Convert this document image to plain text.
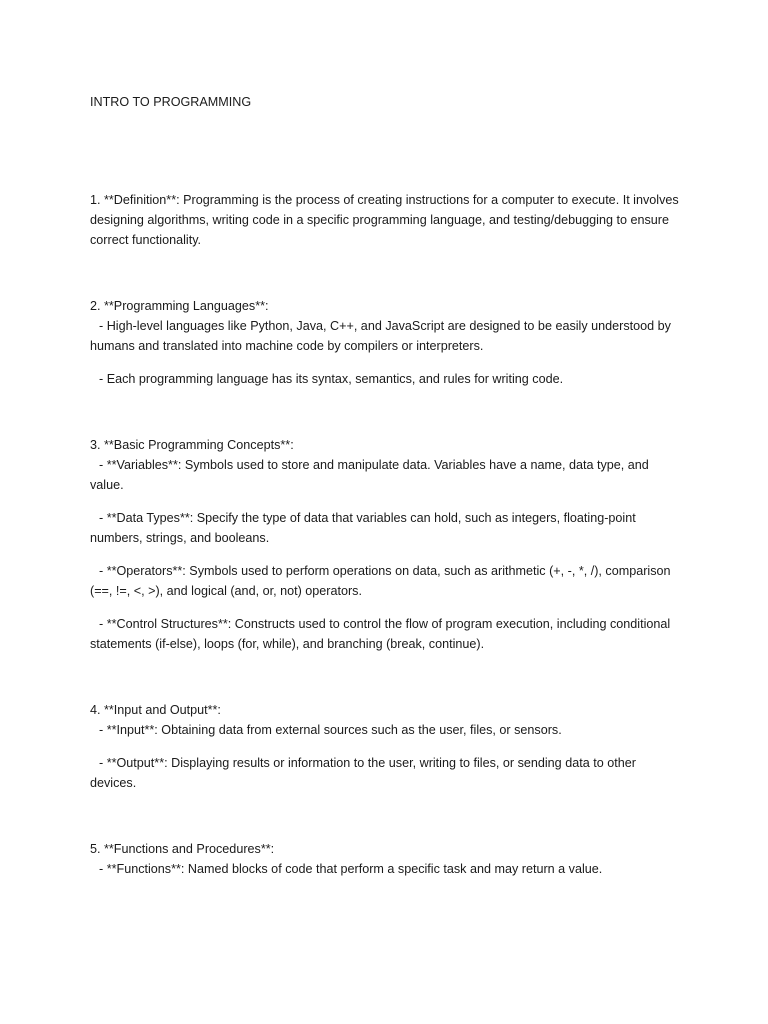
INTRO TO PROGRAMMING

1. **Definition**: Programming is the process of creating instructions for a computer to execute. It involves designing algorithms, writing code in a specific programming language, and testing/debugging to ensure correct functionality.

2. **Programming Languages**:

- High-level languages like Python, Java, C++, and JavaScript are designed to be easily understood by humans and translated into machine code by compilers or interpreters.

- Each programming language has its syntax, semantics, and rules for writing code.

3. **Basic Programming Concepts**:

- **Variables**: Symbols used to store and manipulate data. Variables have a name, data type, and value.

- **Data Types**: Specify the type of data that variables can hold, such as integers, floating-point numbers, strings, and booleans.

- **Operators**: Symbols used to perform operations on data, such as arithmetic (+, -, *, /), comparison (==, !=, <, >), and logical (and, or, not) operators.

- **Control Structures**: Constructs used to control the flow of program execution, including conditional statements (if-else), loops (for, while), and branching (break, continue).

4. **Input and Output**:

- **Input**: Obtaining data from external sources such as the user, files, or sensors.

- **Output**: Displaying results or information to the user, writing to files, or sending data to other devices.

5. **Functions and Procedures**:

- **Functions**: Named blocks of code that perform a specific task and may return a value.
